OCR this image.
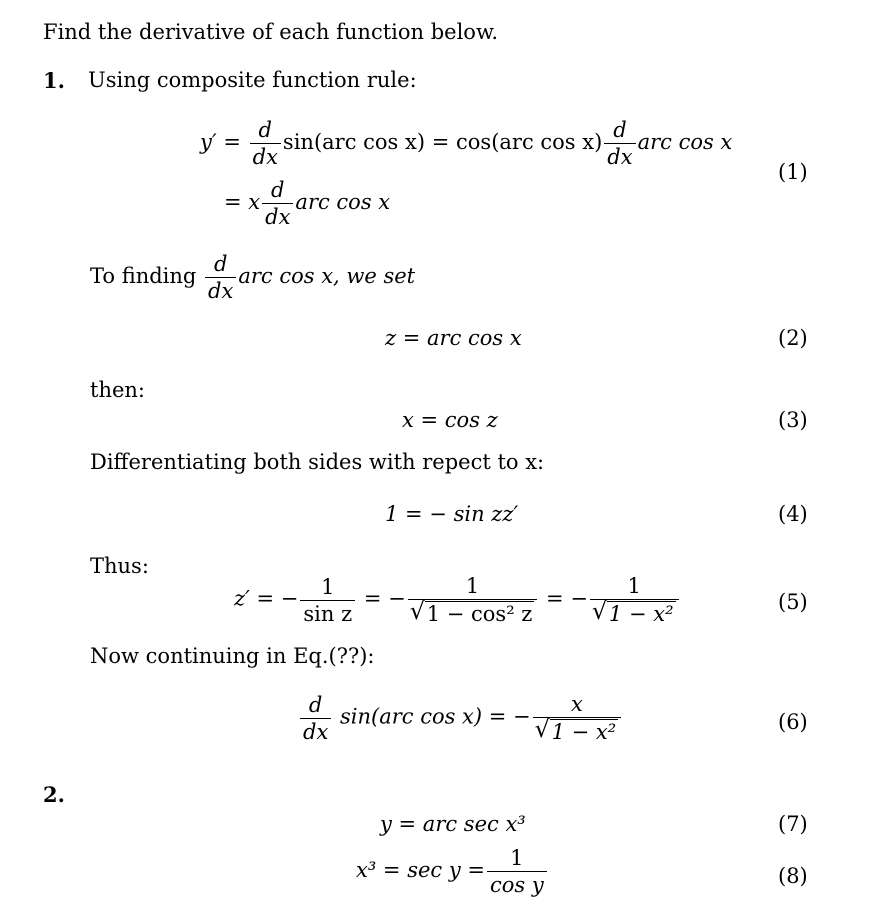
Find the derivative of each function below.
1. Using composite function rule:
$y' = \frac{d}{dx} \sin(arc$ cos x) = cos(arc $\cos x) \frac{d}{dx}$ arc cos x
= x $\frac{d}{dx}$ arc cos x
(1)
To finding $\frac{d}{dx}$ arc cos x, we set
z = arc cos x	(2)
then:
x = cos z	(3)
Differentiating both sides with repect to x:
1 = − sin zz′	(4)
Thus:
z′ = − $\frac{1}{\text{sin z}}$ = − 1
√ 1 − cos² z = − 1
√ 1 − x²	(5)
Now continuing in Eq.(??):
$\frac{d}{dx} \sin(arc$ cos x) = − x
√ 1 − x²	(6)
2.
y = arc sec x³	(7)
$x^3 = \sec y = \frac{1}{\text{cos y}}$	(8)
